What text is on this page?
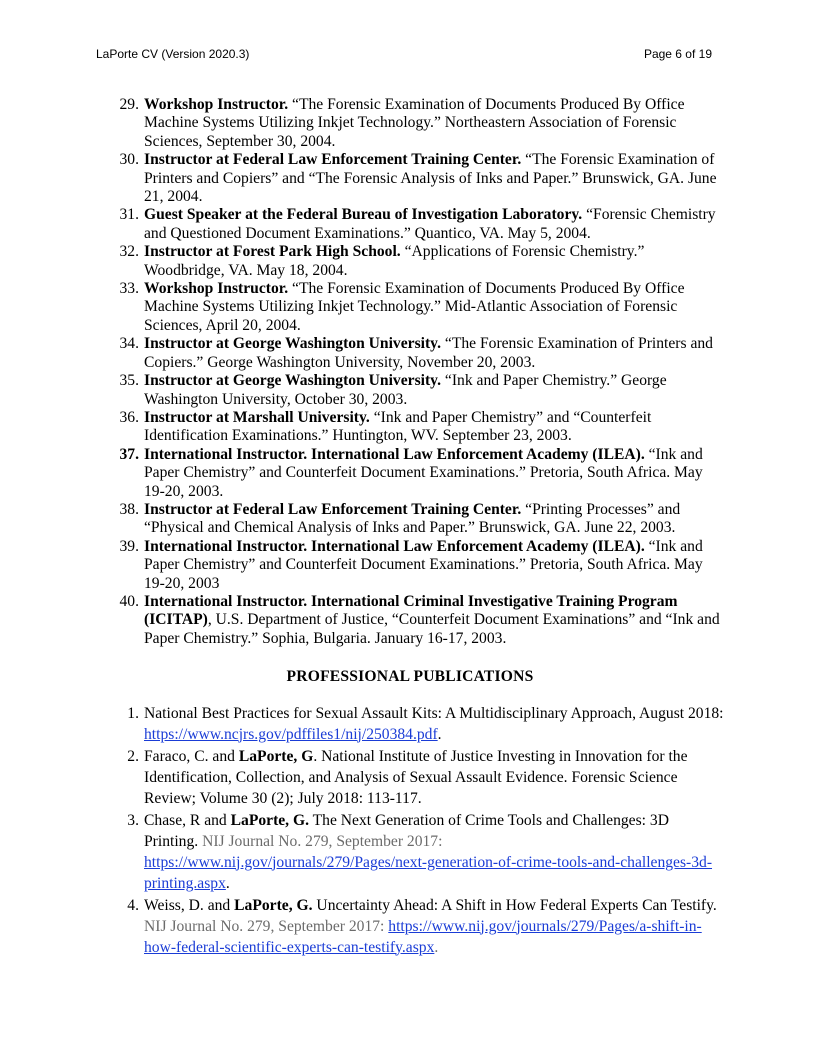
LaPorte CV (Version 2020.3)	Page 6 of 19
29. Workshop Instructor. “The Forensic Examination of Documents Produced By Office Machine Systems Utilizing Inkjet Technology.” Northeastern Association of Forensic Sciences, September 30, 2004.
30. Instructor at Federal Law Enforcement Training Center. “The Forensic Examination of Printers and Copiers” and “The Forensic Analysis of Inks and Paper.” Brunswick, GA. June 21, 2004.
31. Guest Speaker at the Federal Bureau of Investigation Laboratory. “Forensic Chemistry and Questioned Document Examinations.” Quantico, VA. May 5, 2004.
32. Instructor at Forest Park High School. “Applications of Forensic Chemistry.” Woodbridge, VA. May 18, 2004.
33. Workshop Instructor. “The Forensic Examination of Documents Produced By Office Machine Systems Utilizing Inkjet Technology.” Mid-Atlantic Association of Forensic Sciences, April 20, 2004.
34. Instructor at George Washington University. “The Forensic Examination of Printers and Copiers.” George Washington University, November 20, 2003.
35. Instructor at George Washington University. “Ink and Paper Chemistry.” George Washington University, October 30, 2003.
36. Instructor at Marshall University. “Ink and Paper Chemistry” and “Counterfeit Identification Examinations.” Huntington, WV. September 23, 2003.
37. International Instructor. International Law Enforcement Academy (ILEA). “Ink and Paper Chemistry” and Counterfeit Document Examinations.” Pretoria, South Africa. May 19-20, 2003.
38. Instructor at Federal Law Enforcement Training Center. “Printing Processes” and “Physical and Chemical Analysis of Inks and Paper.” Brunswick, GA. June 22, 2003.
39. International Instructor. International Law Enforcement Academy (ILEA). “Ink and Paper Chemistry” and Counterfeit Document Examinations.” Pretoria, South Africa. May 19-20, 2003
40. International Instructor. International Criminal Investigative Training Program (ICITAP), U.S. Department of Justice, “Counterfeit Document Examinations” and “Ink and Paper Chemistry.” Sophia, Bulgaria. January 16-17, 2003.
PROFESSIONAL PUBLICATIONS
1. National Best Practices for Sexual Assault Kits: A Multidisciplinary Approach, August 2018: https://www.ncjrs.gov/pdffiles1/nij/250384.pdf.
2. Faraco, C. and LaPorte, G. National Institute of Justice Investing in Innovation for the Identification, Collection, and Analysis of Sexual Assault Evidence. Forensic Science Review; Volume 30 (2); July 2018: 113-117.
3. Chase, R and LaPorte, G. The Next Generation of Crime Tools and Challenges: 3D Printing. NIJ Journal No. 279, September 2017: https://www.nij.gov/journals/279/Pages/next-generation-of-crime-tools-and-challenges-3d-printing.aspx.
4. Weiss, D. and LaPorte, G. Uncertainty Ahead: A Shift in How Federal Experts Can Testify. NIJ Journal No. 279, September 2017: https://www.nij.gov/journals/279/Pages/a-shift-in-how-federal-scientific-experts-can-testify.aspx.
